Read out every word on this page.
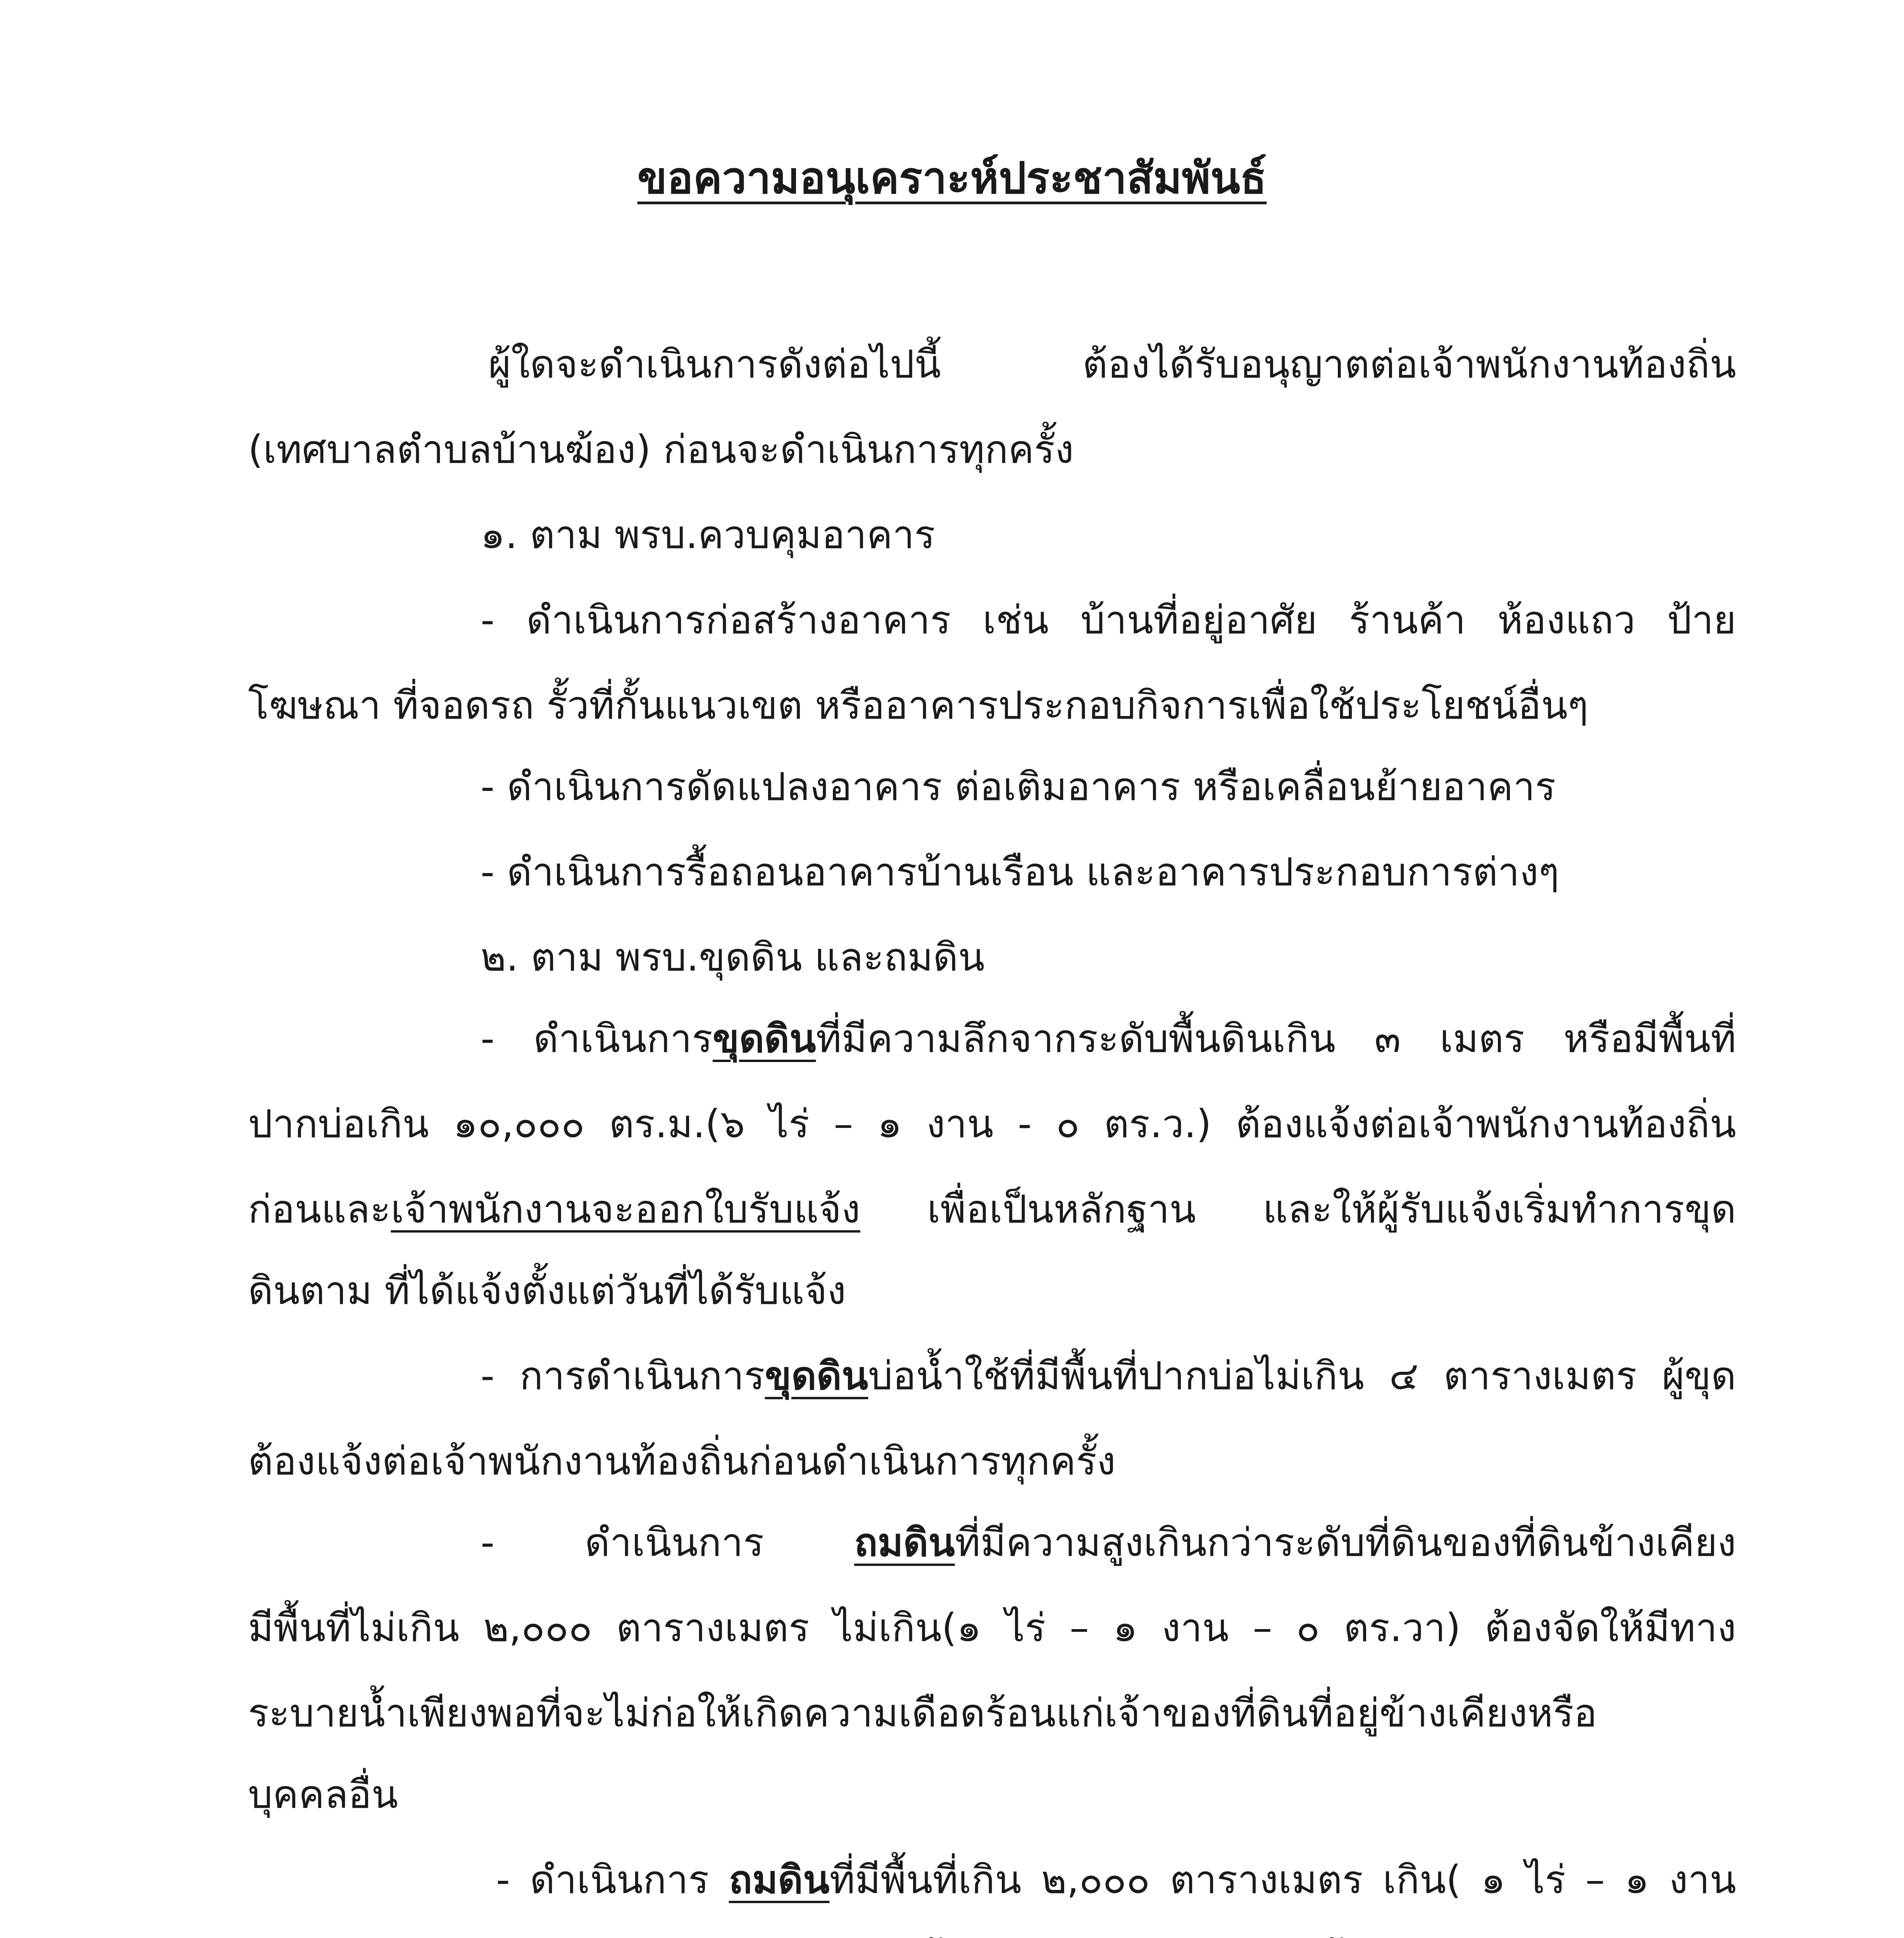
ขอความอนุเคราะห์ประชาสัมพันธ์

ผู้ใดจะดำเนินการดังต่อไปนี้ ต้องได้รับอนุญาตต่อเจ้าพนักงานท้องถิ่น

(เทศบาลตำบลบ้านฆ้อง) ก่อนจะดำเนินการทุกครั้ง

๑. ตาม พรบ.ควบคุมอาคาร

- ดำเนินการก่อสร้างอาคาร เช่น บ้านที่อยู่อาศัย ร้านค้า ห้องแถว ป้าย

โฆษณา ที่จอดรถ รั้วที่กั้นแนวเขต หรืออาคารประกอบกิจการเพื่อใช้ประโยชน์อื่นๆ

- ดำเนินการดัดแปลงอาคาร ต่อเติมอาคาร หรือเคลื่อนย้ายอาคาร

- ดำเนินการรื้อถอนอาคารบ้านเรือน และอาคารประกอบการต่างๆ

๒. ตาม พรบ.ขุดดิน และถมดิน

- ดำเนินการขุดดินที่มีความลึกจากระดับพื้นดินเกิน ๓ เมตร หรือมีพื้นที่

ปากบ่อเกิน ๑๐,๐๐๐ ตร.ม.(๖ ไร่ – ๑ งาน - ๐ ตร.ว.) ต้องแจ้งต่อเจ้าพนักงานท้องถิ่น

ก่อนและเจ้าพนักงานจะออกใบรับแจ้ง เพื่อเป็นหลักฐาน และให้ผู้รับแจ้งเริ่มทำการขุด

ดินตาม ที่ได้แจ้งตั้งแต่วันที่ได้รับแจ้ง

- การดำเนินการขุดดินบ่อน้ำใช้ที่มีพื้นที่ปากบ่อไม่เกิน ๔ ตารางเมตร ผู้ขุด

ต้องแจ้งต่อเจ้าพนักงานท้องถิ่นก่อนดำเนินการทุกครั้ง

- ดำเนินการ ถมดินที่มีความสูงเกินกว่าระดับที่ดินของที่ดินข้างเคียง

มีพื้นที่ไม่เกิน ๒,๐๐๐ ตารางเมตร ไม่เกิน(๑ ไร่ – ๑ งาน – ๐ ตร.วา) ต้องจัดให้มีทาง

ระบายน้ำเพียงพอที่จะไม่ก่อให้เกิดความเดือดร้อนแก่เจ้าของที่ดินที่อยู่ข้างเคียงหรือ

บุคคลอื่น

- ดำเนินการ ถมดินที่มีพื้นที่เกิน ๒,๐๐๐ ตารางเมตร เกิน( ๑ ไร่ – ๑ งาน
